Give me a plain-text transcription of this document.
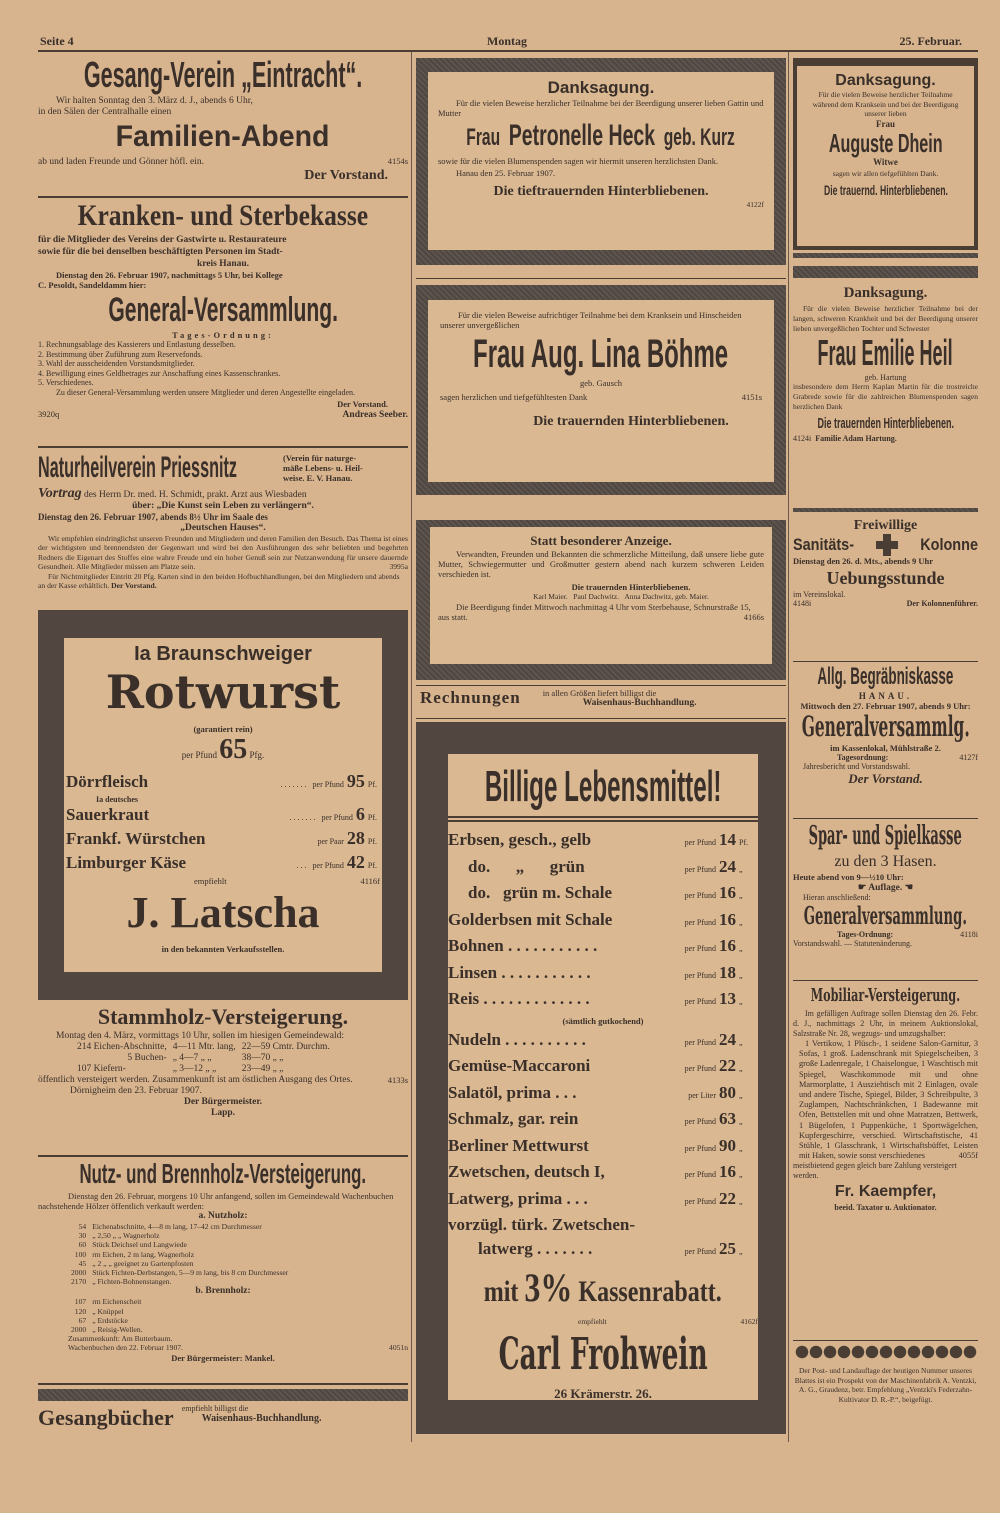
Seite 4	Montag	25. Februar.
Gesang-Verein „Eintracht“.
Wir halten Sonntag den 3. März d. J., abends 6 Uhr,
in den Sälen der Centralhalle einen
Familien-Abend
ab und laden Freunde und Gönner höfl. ein.	4154s
Der Vorstand.
Kranken- und Sterbekasse
für die Mitglieder des Vereins der Gastwirte u. Restaurateure
sowie für die bei denselben beschäftigten Personen im Stadt-
kreis Hanau.
Dienstag den 26. Februar 1907, nachmittags 5 Uhr, bei Kollege
C. Pesoldt, Sandeldamm hier:
General-Versammlung.
Tages-Ordnung:
1. Rechnungsablage des Kassierers und Entlastung desselben.
2. Bestimmung über Zuführung zum Reservefonds.
3. Wahl der ausscheidenden Vorstandsmitglieder.
4. Bewilligung eines Geldbetrages zur Anschaffung eines Kassenschrankes.
5. Verschiedenes.
Zu dieser General-Versammlung werden unsere Mitglieder und deren Angestellte eingeladen.
Der Vorstand.
3920q	Andreas Seeber.
Naturheilverein Priessnitz	(Verein für naturge-
mäße Lebens- u. Heil-
weise. E. V. Hanau.
Vortrag des Herrn Dr. med. H. Schmidt, prakt. Arzt aus Wiesbaden
über: „Die Kunst sein Leben zu verlängern“.
Dienstag den 26. Februar 1907, abends 8½ Uhr im Saale des
„Deutschen Hauses“.
Wir empfehlen eindringlichst unseren Freunden und Mitgliedern und deren Familien den Besuch. Das Thema ist eines der wichtigsten und brennendsten der Gegenwart und wird bei den Ausführungen des sehr beliebten und begehrten Redners die Eigenart des Stoffes eine wahre Freude und ein hoher Genuß sein zur Nutzanwendung für unsere dauernde Gesundheit. Alle Mitglieder müssen am Platze sein.	3995a
Für Nichtmitglieder Eintritt 20 Pfg. Karten sind in den beiden Hofbuchhandlungen, bei den Mitgliedern und abends an der Kasse erhältlich. Der Vorstand.
Ia Braunschweiger
Rotwurst
(garantiert rein)
per Pfund 65 Pfg.
Dörrfleisch	. . . . . . . per Pfund 95 Pf.
Ia deutsches
Sauerkraut	. . . . . . . per Pfund 6 Pf.
Frankf. Würstchen	per Paar 28 Pf.
Limburger Käse	. . . per Pfund 42 Pf.
empfiehlt	4116f
J. Latscha
in den bekannten Verkaufsstellen.
Stammholz-Versteigerung.
Montag den 4. März, vormittags 10 Uhr, sollen im hiesigen Gemeindewald:
214 Eichen-Abschnitte,	4—11 Mtr. lang,	22—59 Cmtr. Durchm.
5 Buchen-	„ 4—7 „ „	38—70 „ „
107 Kiefern-	„ 3—12 „ „	23—49 „ „
öffentlich versteigert werden. Zusammenkunft ist am östlichen Ausgang des Ortes.	4133s
Dörnigheim den 23. Februar 1907.
Der Bürgermeister.
Lapp.
Nutz- und Brennholz-Versteigerung.
Dienstag den 26. Februar, morgens 10 Uhr anfangend, sollen im Gemeindewald Wachenbuchen nachstehende Hölzer öffentlich verkauft werden:
a. Nutzholz:
54	Eichenabschnitte, 4—8 m lang, 17–42 cm Durchmesser
30	„ 2,50 „ „ Wagnerholz
60	Stück Deichsel und Langwiede
100	rm Eichen, 2 m lang, Wagnerholz
45	„ 2 „ „ geeignet zu Gartenpfosten
2000	Stück Fichten-Derbstangen, 5—9 m lang, bis 8 cm Durchmesser
2170	„ Fichten-Bohnenstangen.
b. Brennholz:
107	rm Eichenscheit
120	„ Knüppel
67	„ Erdstöcke
2000	„ Reisig-Wellen.
Zusammenkunft: Am Butterbaum.
Wachenbuchen den 22. Februar 1907.	4051n
Der Bürgermeister: Mankel.
Gesangbücher empfiehlt billigst die
Waisenhaus-Buchhandlung.
Danksagung.
Für die vielen Beweise herzlicher Teilnahme bei der Beerdigung unserer lieben Gattin und Mutter
Frau Petronelle Heck geb. Kurz
sowie für die vielen Blumenspenden sagen wir hiermit unseren herzlichsten Dank.
Hanau den 25. Februar 1907.
Die tieftrauernden Hinterbliebenen.
4122f
Für die vielen Beweise aufrichtiger Teilnahme bei dem Kranksein und Hinscheiden unserer unvergeßlichen
Frau Aug. Lina Böhme
geb. Gausch
sagen herzlichen und tiefgefühltesten Dank	4151s
Die trauernden Hinterbliebenen.
Statt besonderer Anzeige.
Verwandten, Freunden und Bekannten die schmerzliche Mitteilung, daß unsere liebe gute Mutter, Schwiegermutter und Großmutter gestern abend nach kurzem schweren Leiden verschieden ist.
Die trauernden Hinterbliebenen.
Karl Maier.   Paul Dachwitz.   Anna Dachwitz, geb. Maier.
Die Beerdigung findet Mittwoch nachmittag 4 Uhr vom Sterbehause, Schnurstraße 15, aus statt.	4166s
Rechnungen	in allen Größen liefert billigst die
Waisenhaus-Buchhandlung.
Billige Lebensmittel!
Erbsen, gesch., gelb	per Pfund 14 Pf.
do.      „      grün	per Pfund 24 „
do.   grün m. Schale	per Pfund 16 „
Golderbsen mit Schale	per Pfund 16 „
Bohnen . . . . . . . . . . .	per Pfund 16 „
Linsen . . . . . . . . . . .	per Pfund 18 „
Reis . . . . . . . . . . . . .	per Pfund 13 „
(sämtlich gutkochend)
Nudeln . . . . . . . . . .	per Pfund 24 „
Gemüse-Maccaroni	per Pfund 22 „
Salatöl, prima . . .	per Liter 80 „
Schmalz, gar. rein	per Pfund 63 „
Berliner Mettwurst	per Pfund 90 „
Zwetschen, deutsch I,	per Pfund 16 „
Latwerg, prima . . .	per Pfund 22 „
vorzügl. türk. Zwetschen-
latwerg . . . . . . .	per Pfund 25 „
mit 3% Kassenrabatt.
empfiehlt	4162f
Carl Frohwein
26 Krämerstr. 26.
Danksagung.
Für die vielen Beweise herzlicher Teilnahme während dem Kranksein und bei der Beerdigung unserer lieben
Frau
Auguste Dhein
Witwe
sagen wir allen tiefgefühlten Dank.
Die trauernd. Hinterbliebenen.
Danksagung.
Für die vielen Beweise herzlicher Teilnahme bei der langen, schweren Krankheit und bei der Beerdigung unserer lieben unvergeßlichen Tochter und Schwester
Frau Emilie Heil
geb. Hartung
insbesondere dem Herrn Kaplan Martin für die trostreiche Grabrede sowie für die zahlreichen Blumenspenden sagen herzlichen Dank
Die trauernden Hinterbliebenen.
4124i Familie Adam Hartung.
Freiwillige
Sanitäts-	Kolonne
Dienstag den 26. d. Mts., abends 9 Uhr
Uebungsstunde
im Vereinslokal.
4148i	Der Kolonnenführer.
Allg. Begräbniskasse
HANAU.
Mittwoch den 27. Februar 1907, abends 9 Uhr:
Generalversammlg.
im Kassenlokal, Mühlstraße 2.
Tagesordnung:	4127f
Jahresbericht und Vorstandswahl.
Der Vorstand.
Spar- und Spielkasse
zu den 3 Hasen.
Heute abend von 9—½10 Uhr:
☛ Auflage. ☚
Hieran anschließend:
Generalversammlung.
Tages-Ordnung:	4118i
Vorstandswahl. — Statutenänderung.
Mobiliar-Versteigerung.
Im gefälligen Auftrage sollen Dienstag den 26. Febr. d. J., nachmittags 2 Uhr, in meinem Auktionslokal, Salzstraße Nr. 28, wegzugs- und umzugshalber:
1 Vertikow, 1 Plüsch-, 1 seidene Salon-Garnitur, 3 Sofas, 1 groß. Ladenschrank mit Spiegelscheiben, 3 große Ladenregale, 1 Chaiselongue, 1 Waschtisch mit Spiegel, Waschkommode mit und ohne Marmorplatte, 1 Ausziehtisch mit 2 Einlagen, ovale und andere Tische, Spiegel, Bilder, 3 Schreibpulte, 3 Zuglampen, Nachtschränkchen, 1 Badewanne mit Ofen, Bettstellen mit und ohne Matratzen, Bettwerk, 1 Bügelofen, 1 Puppenküche, 1 Sportwägelchen, Kupfergeschirre, verschied. Wirtschaftstische, 41 Stühle, 1 Glasschrank, 1 Wirtschaftsbüffet, Leisten mit Haken, sowie sonst verschiedenes	4055f
meistbietend gegen gleich bare Zahlung versteigert werden.
Fr. Kaempfer,
beeid. Taxator u. Auktionator.
Der Post- und Landauflage der heutigen Nummer unseres Blattes ist ein Prospekt von der Maschinenfabrik A. Ventzki, A. G., Graudenz, betr. Empfehlung „Ventzki's Federzahn-Kultivator D. R.-P.“, beigefügt.
